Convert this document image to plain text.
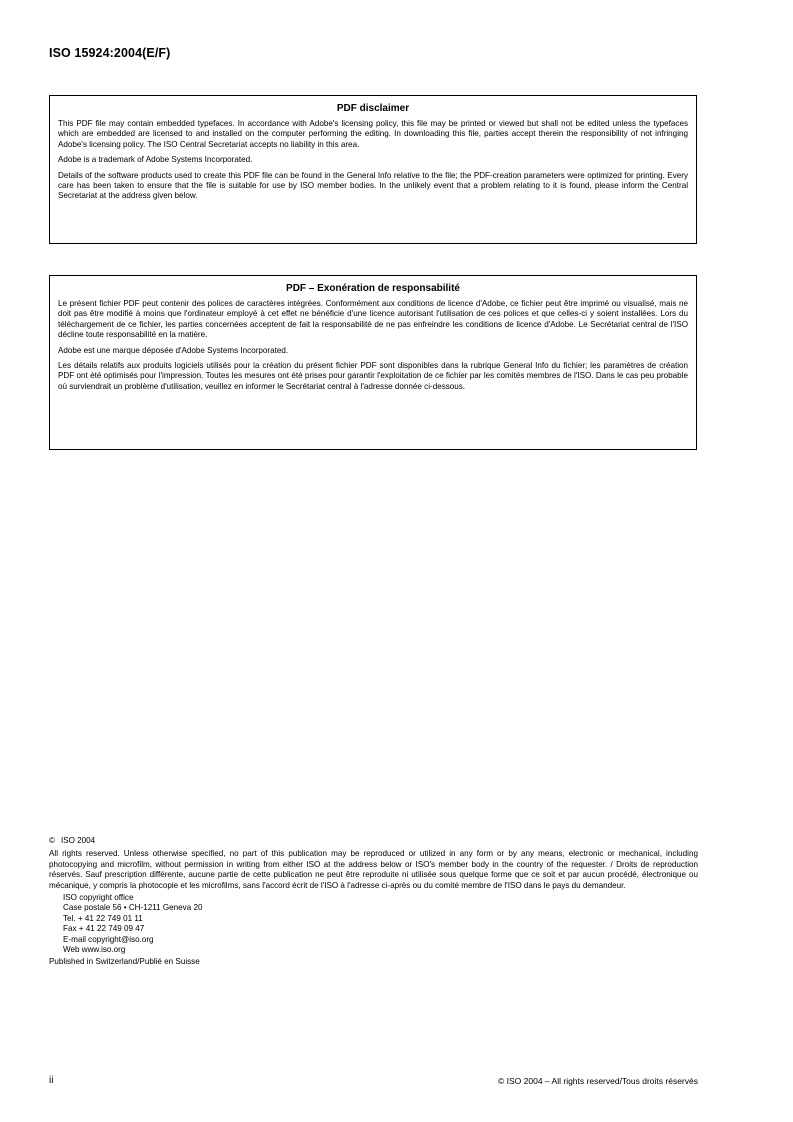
ISO 15924:2004(E/F)
PDF disclaimer

This PDF file may contain embedded typefaces. In accordance with Adobe's licensing policy, this file may be printed or viewed but shall not be edited unless the typefaces which are embedded are licensed to and installed on the computer performing the editing. In downloading this file, parties accept therein the responsibility of not infringing Adobe's licensing policy. The ISO Central Secretariat accepts no liability in this area.

Adobe is a trademark of Adobe Systems Incorporated.

Details of the software products used to create this PDF file can be found in the General Info relative to the file; the PDF-creation parameters were optimized for printing. Every care has been taken to ensure that the file is suitable for use by ISO member bodies. In the unlikely event that a problem relating to it is found, please inform the Central Secretariat at the address given below.

PDF – Exonération de responsabilité

Le présent fichier PDF peut contenir des polices de caractères intégrées. Conformément aux conditions de licence d'Adobe, ce fichier peut être imprimé ou visualisé, mais ne doit pas être modifié à moins que l'ordinateur employé à cet effet ne bénéficie d'une licence autorisant l'utilisation de ces polices et que celles-ci y soient installées. Lors du téléchargement de ce fichier, les parties concernées acceptent de fait la responsabilité de ne pas enfreindre les conditions de licence d'Adobe. Le Secrétariat central de l'ISO décline toute responsabilité en la matière.

Adobe est une marque déposée d'Adobe Systems Incorporated.

Les détails relatifs aux produits logiciels utilisés pour la création du présent fichier PDF sont disponibles dans la rubrique General Info du fichier; les paramètres de création PDF ont été optimisés pour l'impression. Toutes les mesures ont été prises pour garantir l'exploitation de ce fichier par les comités membres de l'ISO. Dans le cas peu probable où surviendrait un problème d'utilisation, veuillez en informer le Secrétariat central à l'adresse donnée ci-dessous.

© ISO 2004

All rights reserved. Unless otherwise specified, no part of this publication may be reproduced or utilized in any form or by any means, electronic or mechanical, including photocopying and microfilm, without permission in writing from either ISO at the address below or ISO's member body in the country of the requester. / Droits de reproduction réservés. Sauf prescription différente, aucune partie de cette publication ne peut être reproduite ni utilisée sous quelque forme que ce soit et par aucun procédé, électronique ou mécanique, y compris la photocopie et les microfilms, sans l'accord écrit de l'ISO à l'adresse ci-après ou du comité membre de l'ISO dans le pays du demandeur.

ISO copyright office
Case postale 56 • CH-1211 Geneva 20
Tel. + 41 22 749 01 11
Fax + 41 22 749 09 47
E-mail copyright@iso.org
Web www.iso.org

Published in Switzerland/Publié en Suisse

ii	© ISO 2004 – All rights reserved/Tous droits réservés
